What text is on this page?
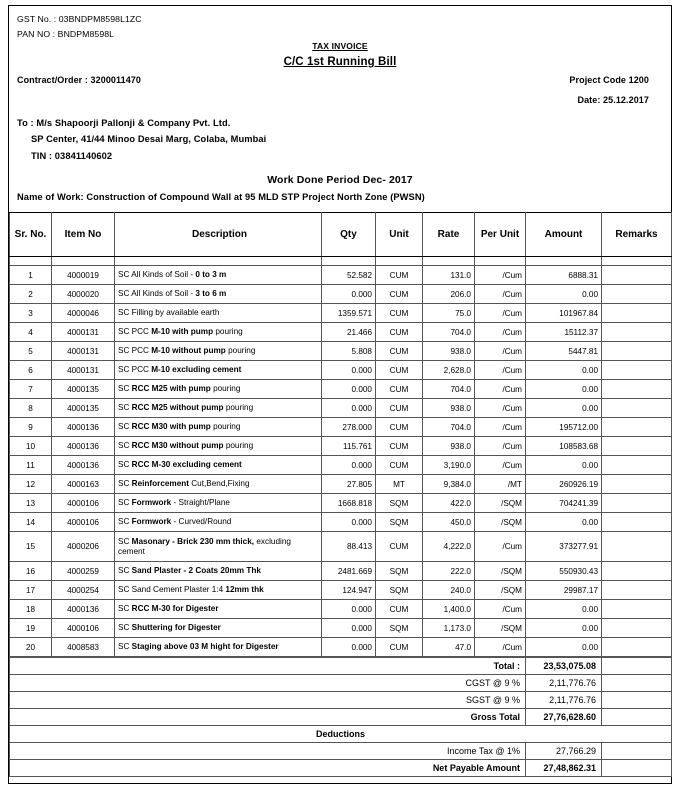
GST No. : 03BNDPM8598L1ZC
PAN NO : BNDPM8598L
TAX INVOICE
C/C 1st Running Bill
Contract/Order : 3200011470	Project Code 1200
Date: 25.12.2017
To : M/s Shapoorji Pallonji & Company Pvt. Ltd.
SP Center, 41/44 Minoo Desai Marg, Colaba, Mumbai
TIN : 03841140602
Work Done Period Dec- 2017
Name of Work: Construction of Compound Wall at 95 MLD STP Project North Zone (PWSN)
Sr. No.	Item No	Description	Qty	Unit	Rate	Per Unit	Amount	Remarks

1	4000019	SC All Kinds of Soil - 0 to 3 m	52.582	CUM	131.0	/Cum	6888.31	
2	4000020	SC All Kinds of Soil - 3 to 6 m	0.000	CUM	206.0	/Cum	0.00	
3	4000046	SC Filling by available earth	1359.571	CUM	75.0	/Cum	101967.84	
4	4000131	SC PCC M-10 with pump pouring	21.466	CUM	704.0	/Cum	15112.37	
5	4000131	SC PCC M-10 without pump pouring	5.808	CUM	938.0	/Cum	5447.81	
6	4000131	SC PCC M-10 excluding cement	0.000	CUM	2,628.0	/Cum	0.00	
7	4000135	SC RCC M25 with pump pouring	0.000	CUM	704.0	/Cum	0.00	
8	4000135	SC RCC M25 without pump pouring	0.000	CUM	938.0	/Cum	0.00	
9	4000136	SC RCC M30 with pump pouring	278.000	CUM	704.0	/Cum	195712.00	
10	4000136	SC RCC M30 without pump pouring	115.761	CUM	938.0	/Cum	108583.68	
11	4000136	SC RCC M-30 excluding cement	0.000	CUM	3,190.0	/Cum	0.00	
12	4000163	SC Reinforcement Cut,Bend,Fixing	27.805	MT	9,384.0	/MT	260926.19	
13	4000106	SC Formwork - Straight/Plane	1668.818	SQM	422.0	/SQM	704241.39	
14	4000106	SC Formwork - Curved/Round	0.000	SQM	450.0	/SQM	0.00	
15	4000206	SC Masonary - Brick 230 mm thick, excluding cement	88.413	CUM	4,222.0	/Cum	373277.91	
16	4000259	SC Sand Plaster - 2 Coats 20mm Thk	2481.669	SQM	222.0	/SQM	550930.43	
17	4000254	SC Sand Cement Plaster 1:4 12mm thk	124.947	SQM	240.0	/SQM	29987.17	
18	4000136	SC RCC M-30 for Digester	0.000	CUM	1,400.0	/Cum	0.00	
19	4000106	SC Shuttering for Digester	0.000	SQM	1,173.0	/SQM	0.00	
20	4008583	SC Staging above 03 M hight for Digester	0.000	CUM	47.0	/Cum	0.00	
Total :	23,53,075.08	
CGST @ 9 %	2,11,776.76	
SGST @ 9 %	2,11,776.76	
Gross Total	27,76,628.60	
Deductions		
Income Tax @ 1%	27,766.29	
Net Payable Amount	27,48,862.31	
